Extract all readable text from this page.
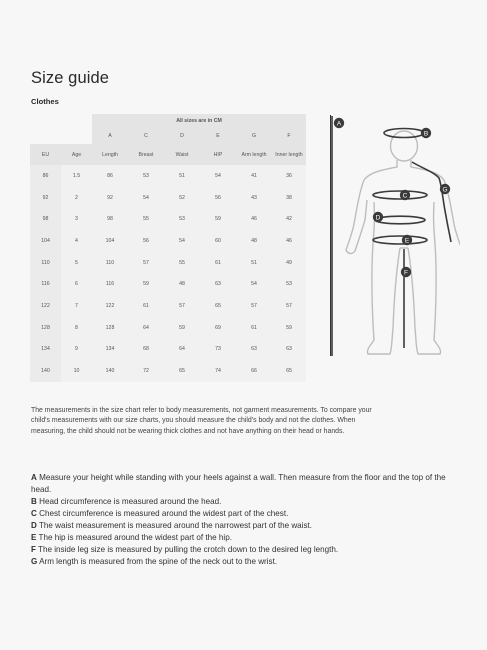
Size guide
Clothes
		All sizes are in CM					
		A	C	D	E	G	F
EU	Age	Length	Breast	Waist	HIP	Arm length	Inner length
86	1.5	86	53	51	54	41	36
92	2	92	54	52	56	43	38
98	3	98	55	53	59	46	42
104	4	104	56	54	60	48	46
110	5	110	57	55	61	51	49
116	6	116	59	48	63	54	53
122	7	122	61	57	65	57	57
128	8	128	64	59	69	61	59
134	9	134	68	64	73	63	63
140	10	140	72	65	74	66	65
A
B
G
C
D
E
F
The measurements in the size chart refer to body measurements, not garment measurements. To compare your child's measurements with our size charts, you should measure the child's body and not the clothes. When measuring, the child should not be wearing thick clothes and not have anything on their head or hands.
A Measure your height while standing with your heels against a wall. Then measure from the floor and the top of the head.
B Head circumference is measured around the head.
C Chest circumference is measured around the widest part of the chest.
D The waist measurement is measured around the narrowest part of the waist.
E The hip is measured around the widest part of the hip.
F The inside leg size is measured by pulling the crotch down to the desired leg length.
G Arm length is measured from the spine of the neck out to the wrist.
